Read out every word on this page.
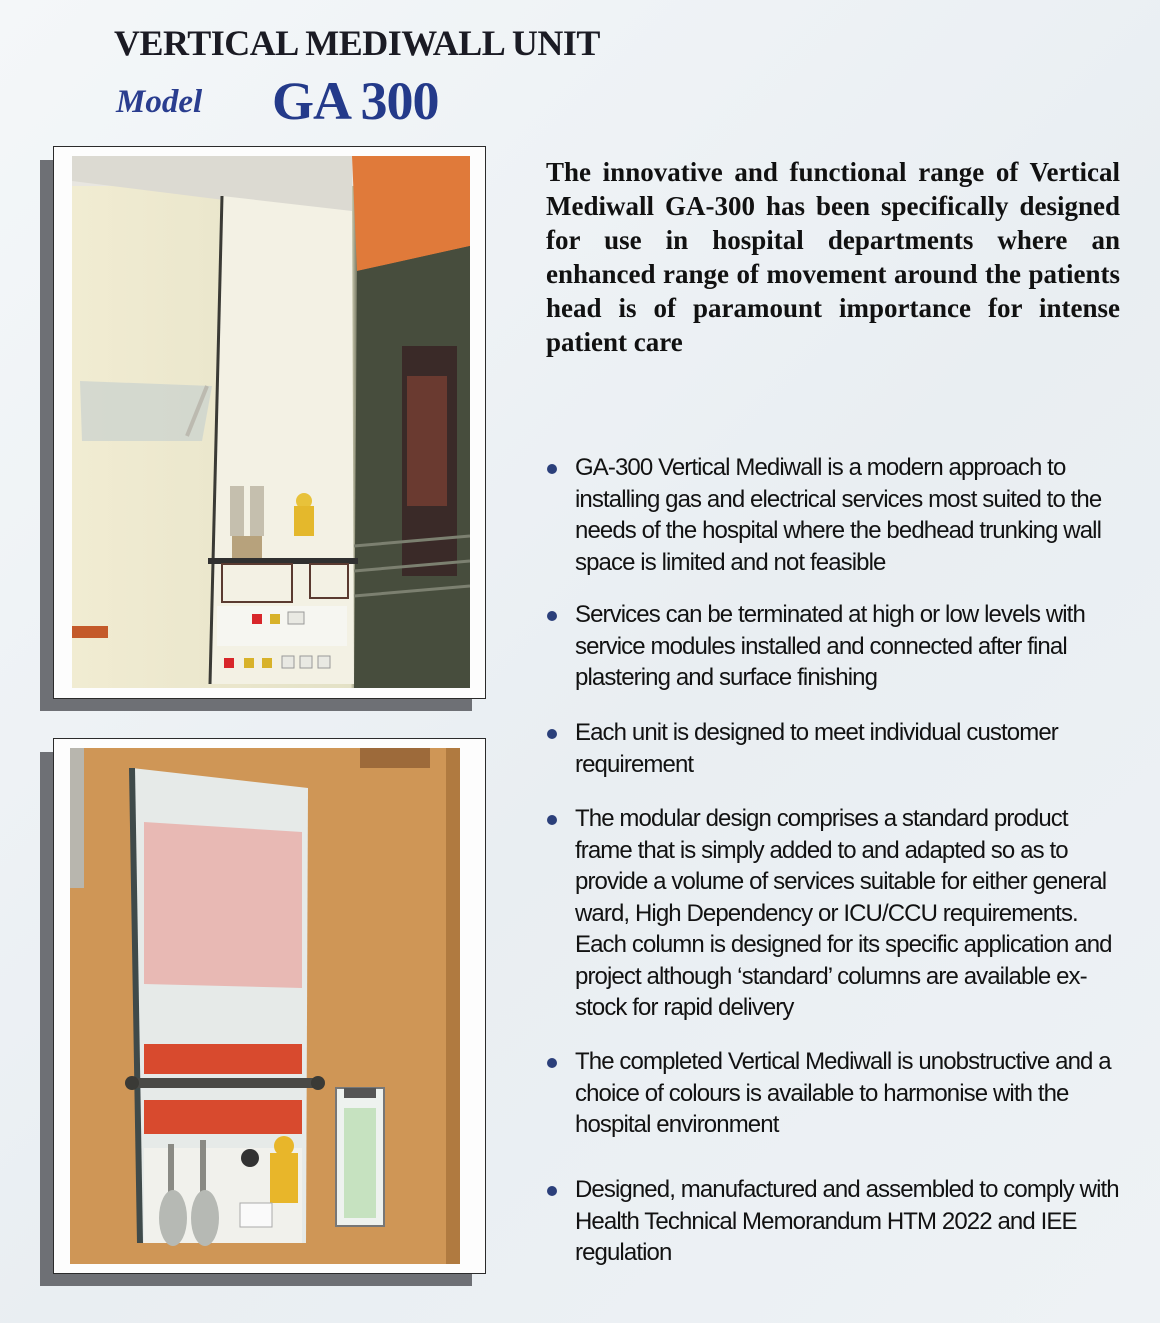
VERTICAL MEDIWALL UNIT
Model GA 300

The innovative and functional range of Vertical Mediwall GA-300 has been specifically designed for use in hospital departments where an enhanced range of movement around the patients head is of paramount importance for intense patient care

GA-300 Vertical Mediwall is a modern approach to installing gas and electrical services most suited to the needs of the hospital where the bedhead trunking wall space is limited and not feasible
Services can be terminated at high or low levels with service modules installed and connected after final plastering and surface finishing
Each unit is designed to meet individual customer requirement
The modular design comprises a standard product frame that is simply added to and adapted so as to provide a volume of services suitable for either general ward, High Dependency or ICU/CCU requirements. Each column is designed for its specific application and project although ‘standard’ columns are available ex-stock for rapid delivery
The completed Vertical Mediwall is unobstructive and a choice of colours is available to harmonise with the hospital environment
Designed, manufactured and assembled to comply with Health Technical Memorandum HTM 2022 and IEE regulation
